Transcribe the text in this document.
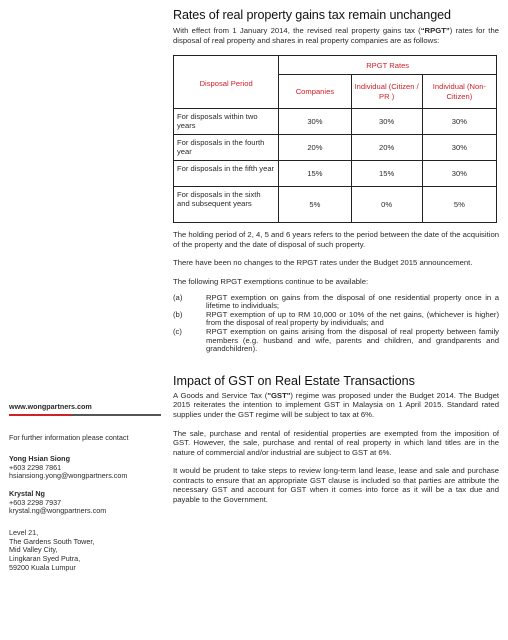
www.wongpartners.com
For further information please contact
Yong Hsian Siong
+603 2298 7861
hsiansiong.yong@wongpartners.com
Krystal Ng
+603 2298 7937
krystal.ng@wongpartners.com
Level 21,
The Gardens South Tower,
Mid Valley City,
Lingkaran Syed Putra,
59200 Kuala Lumpur
Rates of real property gains tax remain unchanged

With effect from 1 January 2014, the revised real property gains tax (“RPGT”) rates for the disposal of real property and shares in real property companies are as follows:

Disposal Period	RPGT Rates		
	Companies	Individual (Citizen / PR )	Individual (Non-Citizen)
For disposals within two years	30%	30%	30%
For disposals in the fourth year	20%	20%	30%
For disposals in the fifth year	15%	15%	30%
For disposals in the sixth and subsequent years	5%	0%	5%

The holding period of 2, 4, 5 and 6 years refers to the period between the date of the acquisition of the property and the date of disposal of such property.

There have been no changes to the RPGT rates under the Budget 2015 announcement.

The following RPGT exemptions continue to be available:

(a)	RPGT exemption on gains from the disposal of one residential property once in a lifetime to individuals;
(b)	RPGT exemption of up to RM 10,000 or 10% of the net gains, (whichever is higher) from the disposal of real property by individuals; and
(c)	RPGT exemption on gains arising from the disposal of real property between family members (e.g. husband and wife, parents and children, and grandparents and grandchildren).
Impact of GST on Real Estate Transactions

A Goods and Service Tax ("GST") regime was proposed under the Budget 2014. The Budget 2015 reiterates the intention to implement GST in Malaysia on 1 April 2015. Standard rated supplies under the GST regime will be subject to tax at 6%.

The sale, purchase and rental of residential properties are exempted from the imposition of GST. However, the sale, purchase and rental of real property in which land titles are in the nature of commercial and/or industrial are subject to GST at 6%.

It would be prudent to take steps to review long-term land lease, lease and sale and purchase contracts to ensure that an appropriate GST clause is included so that parties are attribute the necessary GST and account for GST when it comes into force as it will be a tax due and payable to the Government.
